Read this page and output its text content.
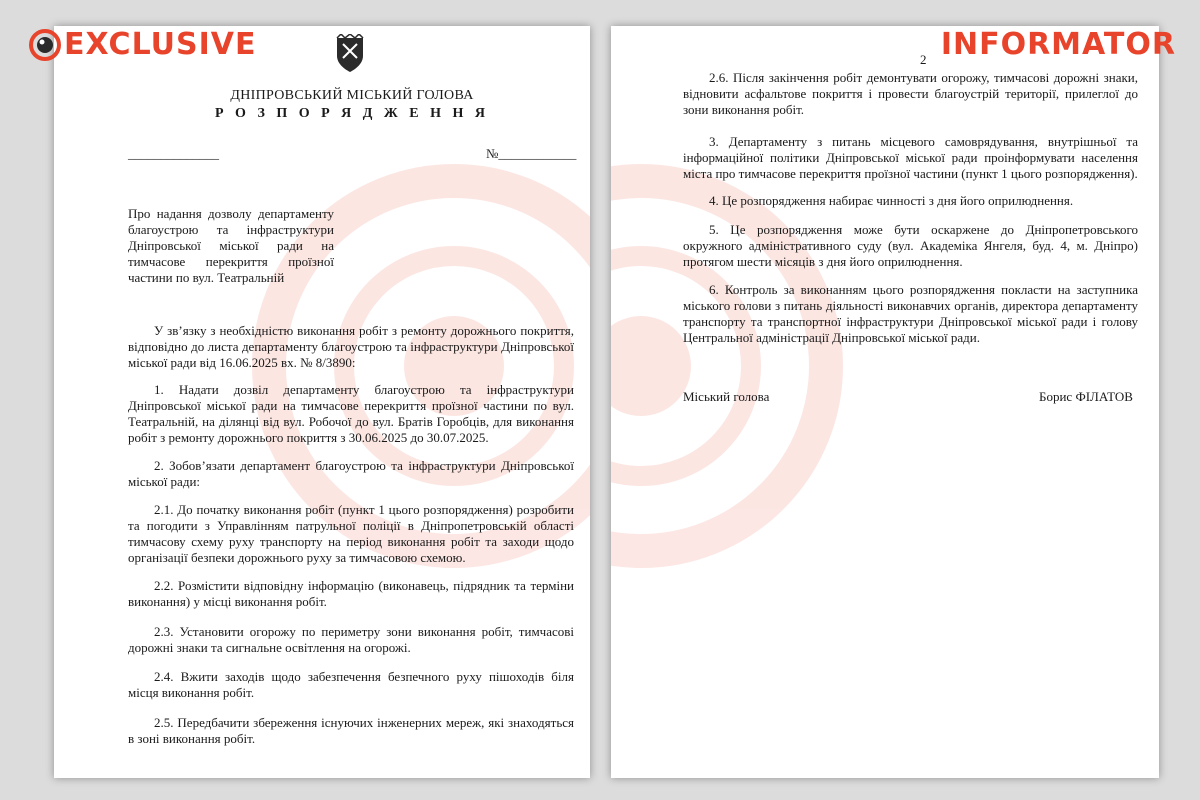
ДНІПРОВСЬКИЙ МІСЬКИЙ ГОЛОВА
Р О З П О Р Я Д Ж Е Н Н Я
______________	№____________
Про надання дозволу департаменту благоустрою та інфраструктури Дніпровської міської ради на тимчасове перекриття проїзної частини по вул. Театральній
У зв’язку з необхідністю виконання робіт з ремонту дорожнього покриття, відповідно до листа департаменту благоустрою та інфраструктури Дніпровської міської ради від 16.06.2025 вх. № 8/3890:
1. Надати дозвіл департаменту благоустрою та інфраструктури Дніпровської міської ради на тимчасове перекриття проїзної частини по вул. Театральній, на ділянці від вул. Робочої до вул. Братів Горобців, для виконання робіт з ремонту дорожнього покриття з 30.06.2025 до 30.07.2025.
2. Зобов’язати департамент благоустрою та інфраструктури Дніпровської міської ради:
2.1. До початку виконання робіт (пункт 1 цього розпорядження) розробити та погодити з Управлінням патрульної поліції в Дніпропетровській області тимчасову схему руху транспорту на період виконання робіт та заходи щодо організації безпеки дорожнього руху за тимчасовою схемою.
2.2. Розмістити відповідну інформацію (виконавець, підрядник та терміни виконання) у місці виконання робіт.
2.3. Установити огорожу по периметру зони виконання робіт, тимчасові дорожні знаки та сигнальне освітлення на огорожі.
2.4. Вжити заходів щодо забезпечення безпечного руху пішоходів біля місця виконання робіт.
2.5. Передбачити збереження існуючих інженерних мереж, які знаходяться в зоні виконання робіт.
2
2.6. Після закінчення робіт демонтувати огорожу, тимчасові дорожні знаки, відновити асфальтове покриття і провести благоустрій території, прилеглої до зони виконання робіт.
3. Департаменту з питань місцевого самоврядування, внутрішньої та інформаційної політики Дніпровської міської ради проінформувати населення міста про тимчасове перекриття проїзної частини (пункт 1 цього розпорядження).
4. Це розпорядження набирає чинності з дня його оприлюднення.
5. Це розпорядження може бути оскаржене до Дніпропетровського окружного адміністративного суду (вул. Академіка Янгеля, буд. 4, м. Дніпро) протягом шести місяців з дня його оприлюднення.
6. Контроль за виконанням цього розпорядження покласти на заступника міського голови з питань діяльності виконавчих органів, директора департаменту транспорту та транспортної інфраструктури Дніпровської міської ради і голову Центральної адміністрації Дніпровської міської ради.
Міський голова	Борис ФІЛАТОВ
EXCLUSIVE	INFORMATOR
